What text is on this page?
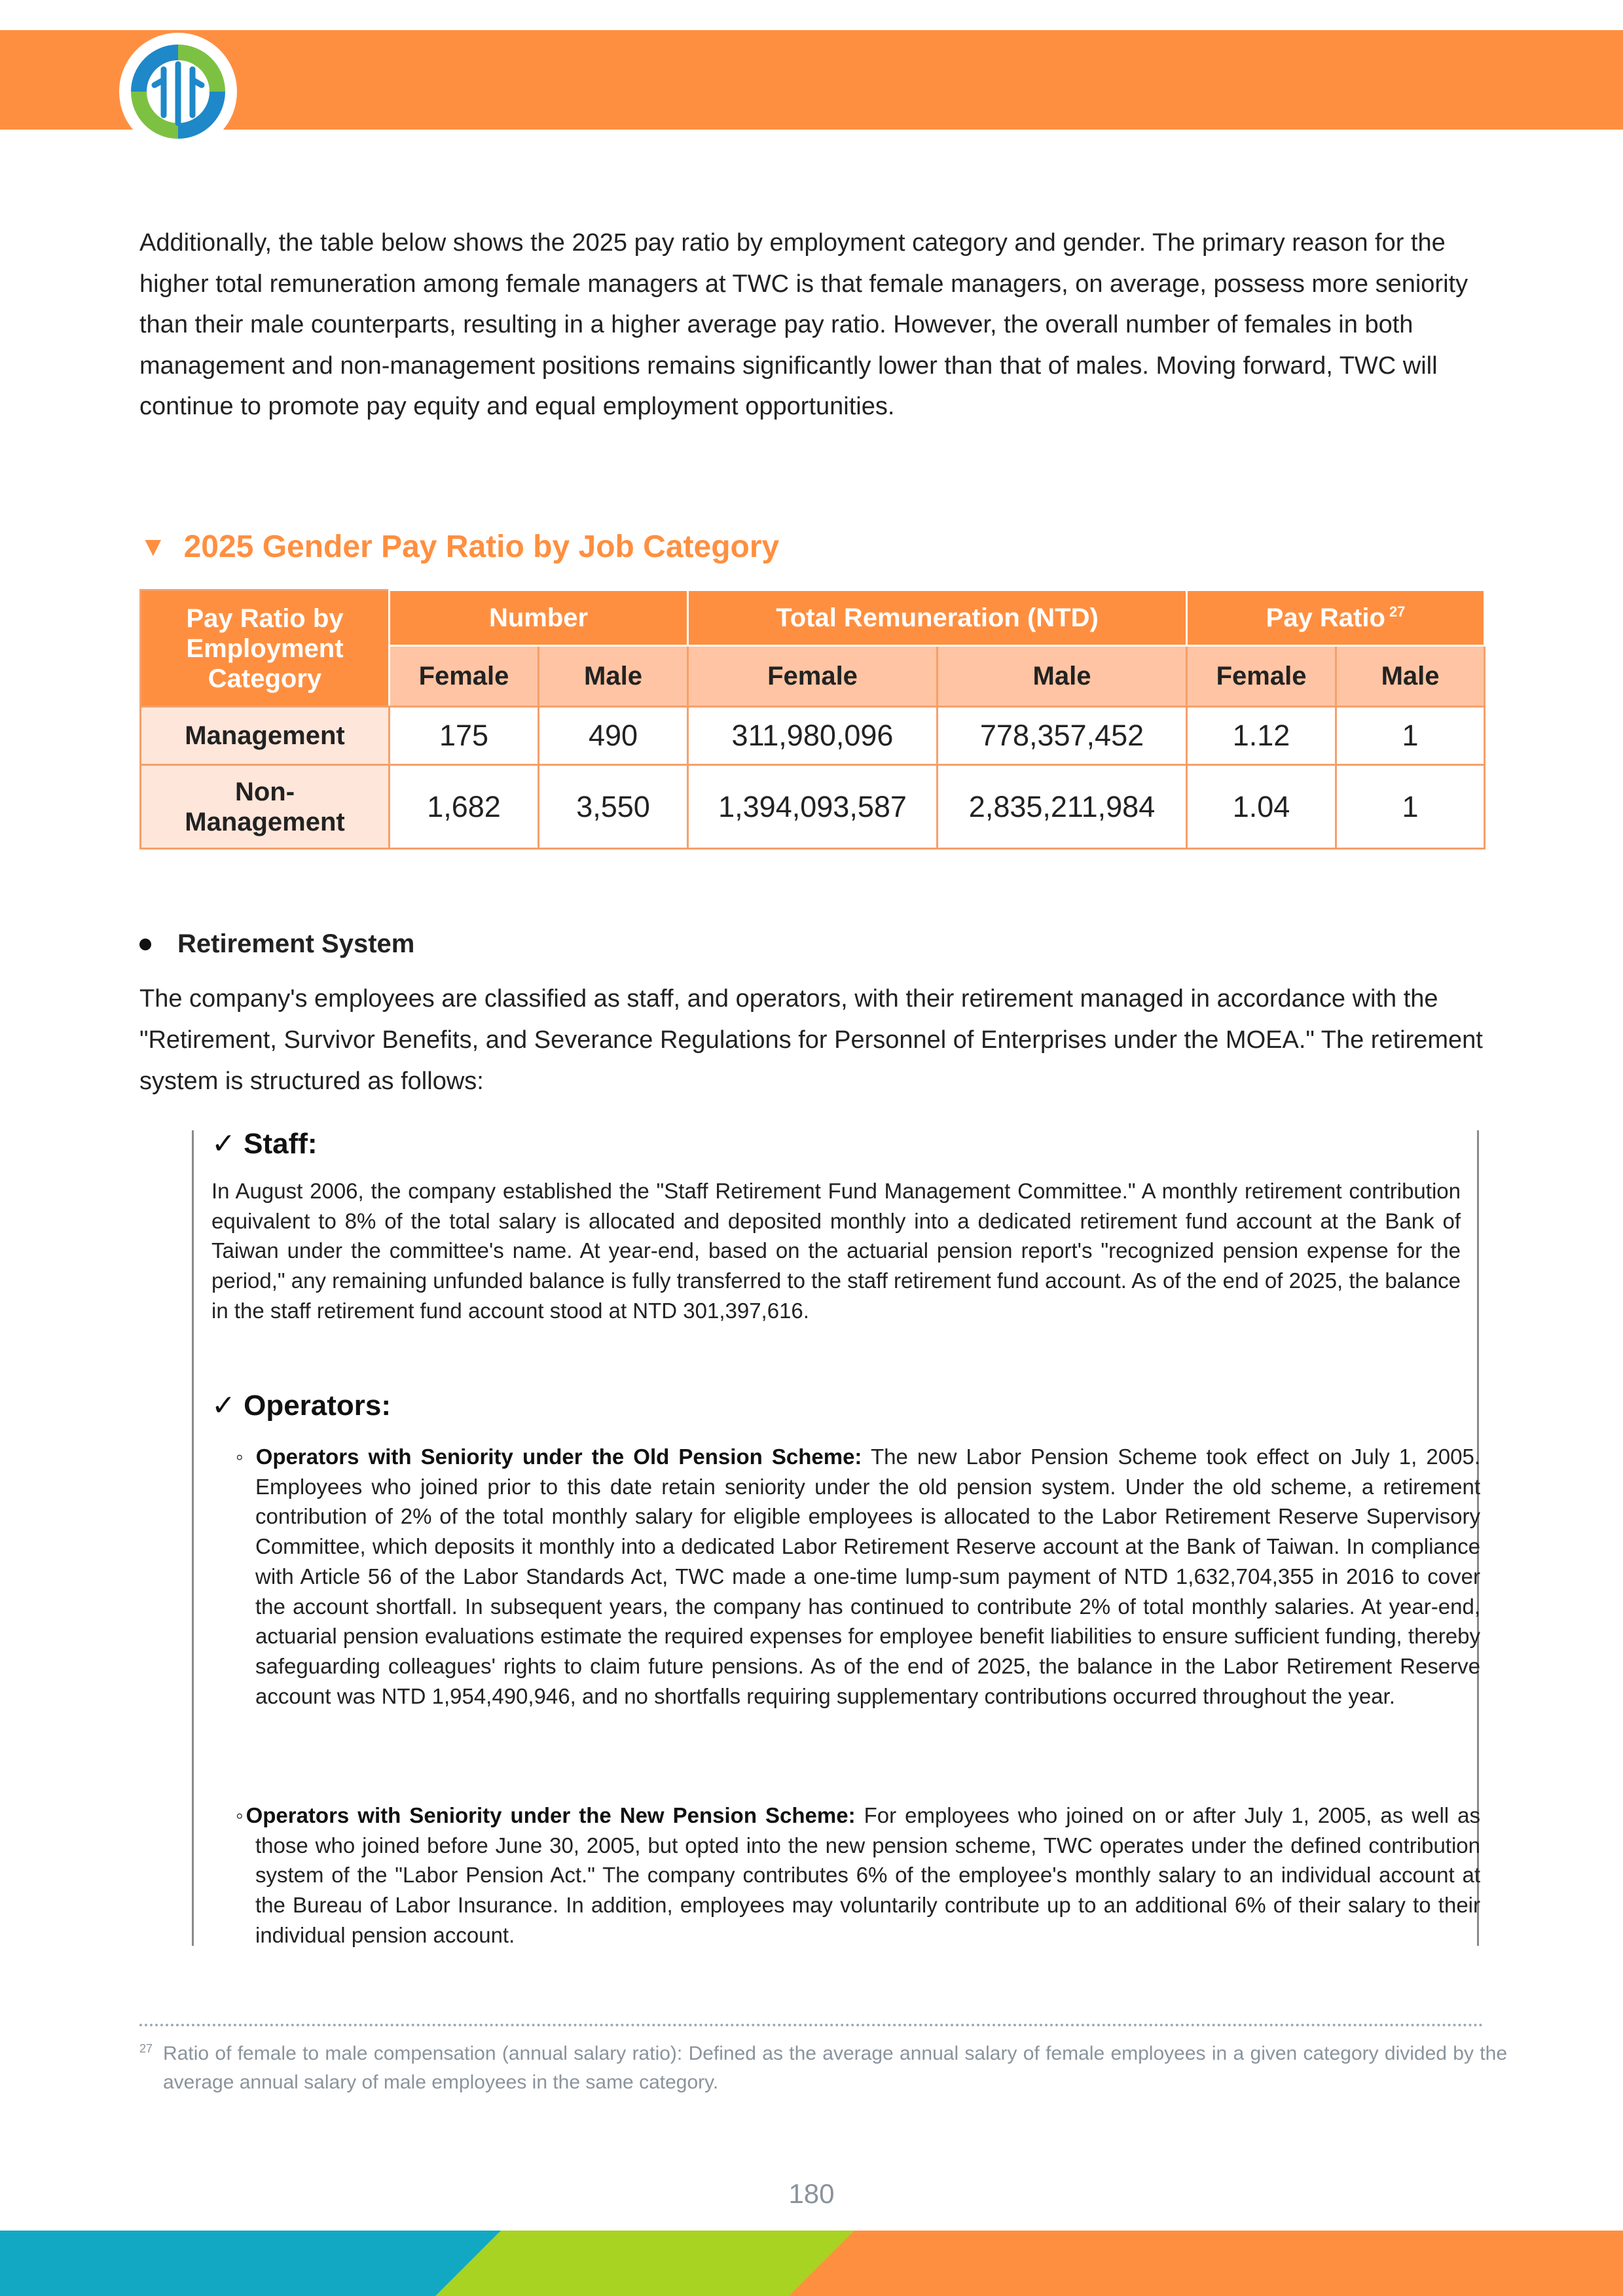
Additionally, the table below shows the 2025 pay ratio by employment category and gender. The primary reason for the higher total remuneration among female managers at TWC is that female managers, on average, possess more seniority than their male counterparts, resulting in a higher average pay ratio. However, the overall number of females in both management and non-management positions remains significantly lower than that of males. Moving forward, TWC will continue to promote pay equity and equal employment opportunities.
▼ 2025 Gender Pay Ratio by Job Category
Pay Ratio by Employment Category	Number		Total Remuneration (NTD)		Pay Ratio $^{27}$
	Female	Male	Female	Male	Female	Male
Management	175	490	311,980,096	778,357,452	1.12	1
Non-Management	1,682	3,550	1,394,093,587	2,835,211,984	1.04	1
Retirement System
The company's employees are classified as staff, and operators, with their retirement managed in accordance with the "Retirement, Survivor Benefits, and Severance Regulations for Personnel of Enterprises under the MOEA." The retirement system is structured as follows:
✓ Staff:
In August 2006, the company established the "Staff Retirement Fund Management Committee." A monthly retirement contribution equivalent to 8% of the total salary is allocated and deposited monthly into a dedicated retirement fund account at the Bank of Taiwan under the committee's name. At year-end, based on the actuarial pension report's "recognized pension expense for the period," any remaining unfunded balance is fully transferred to the staff retirement fund account. As of the end of 2025, the balance in the staff retirement fund account stood at NTD 301,397,616.
✓ Operators:
◦ Operators with Seniority under the Old Pension Scheme: The new Labor Pension Scheme took effect on July 1, 2005. Employees who joined prior to this date retain seniority under the old pension system. Under the old scheme, a retirement contribution of 2% of the total monthly salary for eligible employees is allocated to the Labor Retirement Reserve Supervisory Committee, which deposits it monthly into a dedicated Labor Retirement Reserve account at the Bank of Taiwan. In compliance with Article 56 of the Labor Standards Act, TWC made a one-time lump-sum payment of NTD 1,632,704,355 in 2016 to cover the account shortfall. In subsequent years, the company has continued to contribute 2% of total monthly salaries. At year-end, actuarial pension evaluations estimate the required expenses for employee benefit liabilities to ensure sufficient funding, thereby safeguarding colleagues' rights to claim future pensions. As of the end of 2025, the balance in the Labor Retirement Reserve account was NTD 1,954,490,946, and no shortfalls requiring supplementary contributions occurred throughout the year.
◦Operators with Seniority under the New Pension Scheme: For employees who joined on or after July 1, 2005, as well as those who joined before June 30, 2005, but opted into the new pension scheme, TWC operates under the defined contribution system of the "Labor Pension Act." The company contributes 6% of the employee's monthly salary to an individual account at the Bureau of Labor Insurance. In addition, employees may voluntarily contribute up to an additional 6% of their salary to their individual pension account.
$^{27}$ Ratio of female to male compensation (annual salary ratio): Defined as the average annual salary of female employees in a given category divided by the average annual salary of male employees in the same category.
180
